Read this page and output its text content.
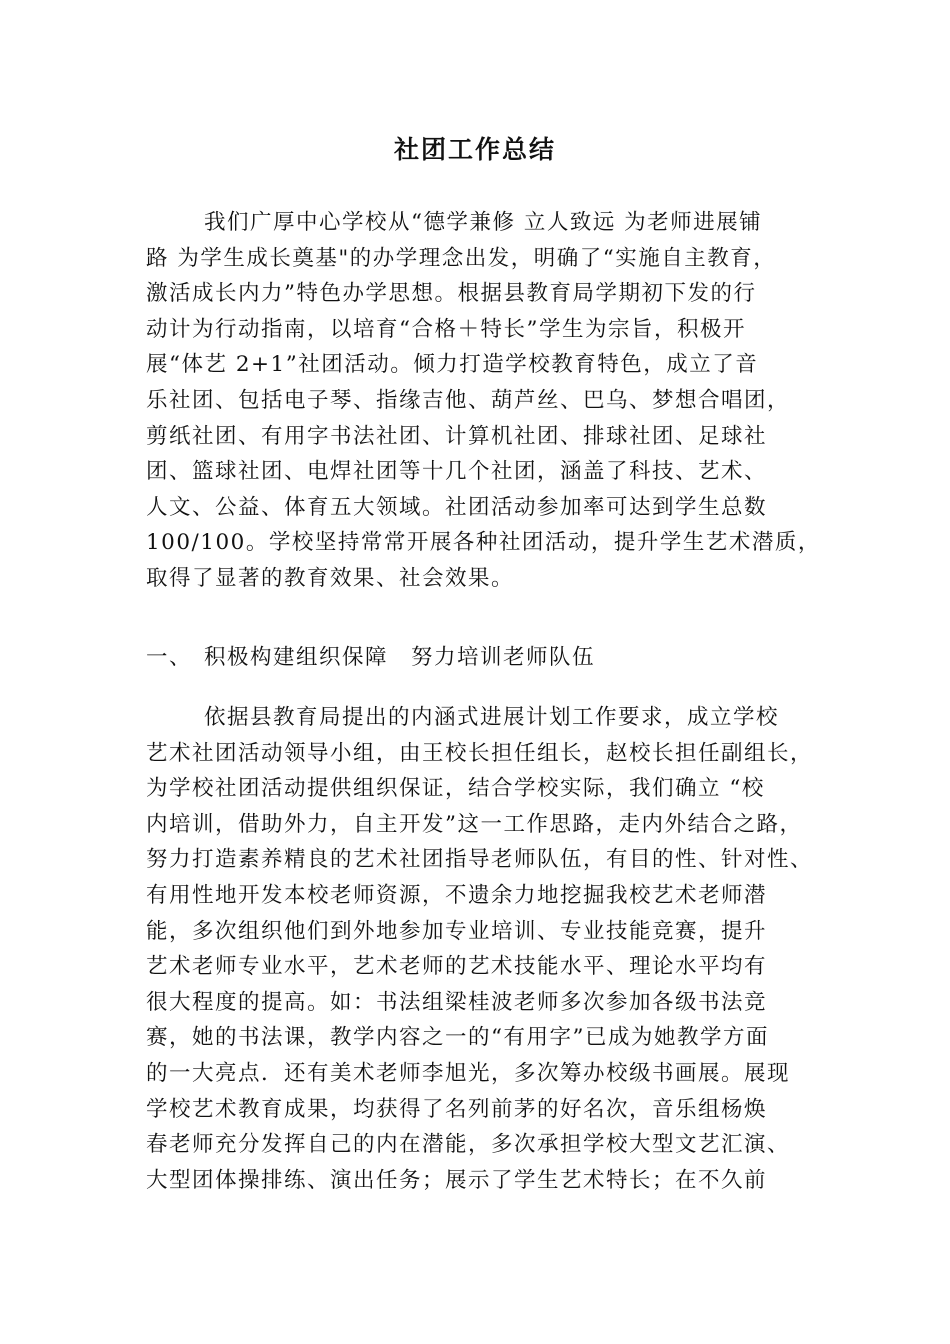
社团工作总结
我们广厚中心学校从“德学兼修 立人致远 为老师进展铺
路 为学生成长奠基"的办学理念出发，明确了“实施自主教育，
激活成长内力”特色办学思想。根据县教育局学期初下发的行
动计为行动指南，以培育“合格＋特长”学生为宗旨，积极开
展“体艺 2+1”社团活动。倾力打造学校教育特色，成立了音
乐社团、包括电子琴、指缘吉他、葫芦丝、巴乌、梦想合唱团，
剪纸社团、有用字书法社团、计算机社团、排球社团、足球社
团、篮球社团、电焊社团等十几个社团，涵盖了科技、艺术、
人文、公益、体育五大领域。社团活动参加率可达到学生总数
100/100。学校坚持常常开展各种社团活动，提升学生艺术潜质，
取得了显著的教育效果、社会效果。
一、 积极构建组织保障　努力培训老师队伍
依据县教育局提出的内涵式进展计划工作要求，成立学校
艺术社团活动领导小组，由王校长担任组长，赵校长担任副组长，
为学校社团活动提供组织保证，结合学校实际，我们确立 “校
内培训，借助外力，自主开发”这一工作思路，走内外结合之路，
努力打造素养精良的艺术社团指导老师队伍，有目的性、针对性、
有用性地开发本校老师资源，不遗余力地挖掘我校艺术老师潜
能，多次组织他们到外地参加专业培训、专业技能竞赛，提升
艺术老师专业水平，艺术老师的艺术技能水平、理论水平均有
很大程度的提高。如：书法组梁桂波老师多次参加各级书法竞
赛，她的书法课，教学内容之一的“有用字”已成为她教学方面
的一大亮点．还有美术老师李旭光，多次筹办校级书画展。展现
学校艺术教育成果，均获得了名列前茅的好名次，音乐组杨焕
春老师充分发挥自己的内在潜能，多次承担学校大型文艺汇演、
大型团体操排练、演出任务；展示了学生艺术特长；在不久前
